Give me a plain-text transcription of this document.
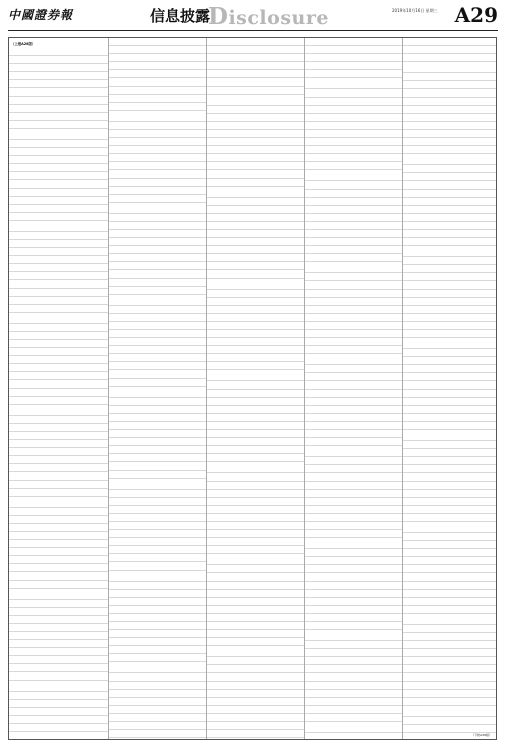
中國證券報	信息披露
Disclosure	2019年10月16日 星期三 A29
（上接A28版）
（下转A30版）
